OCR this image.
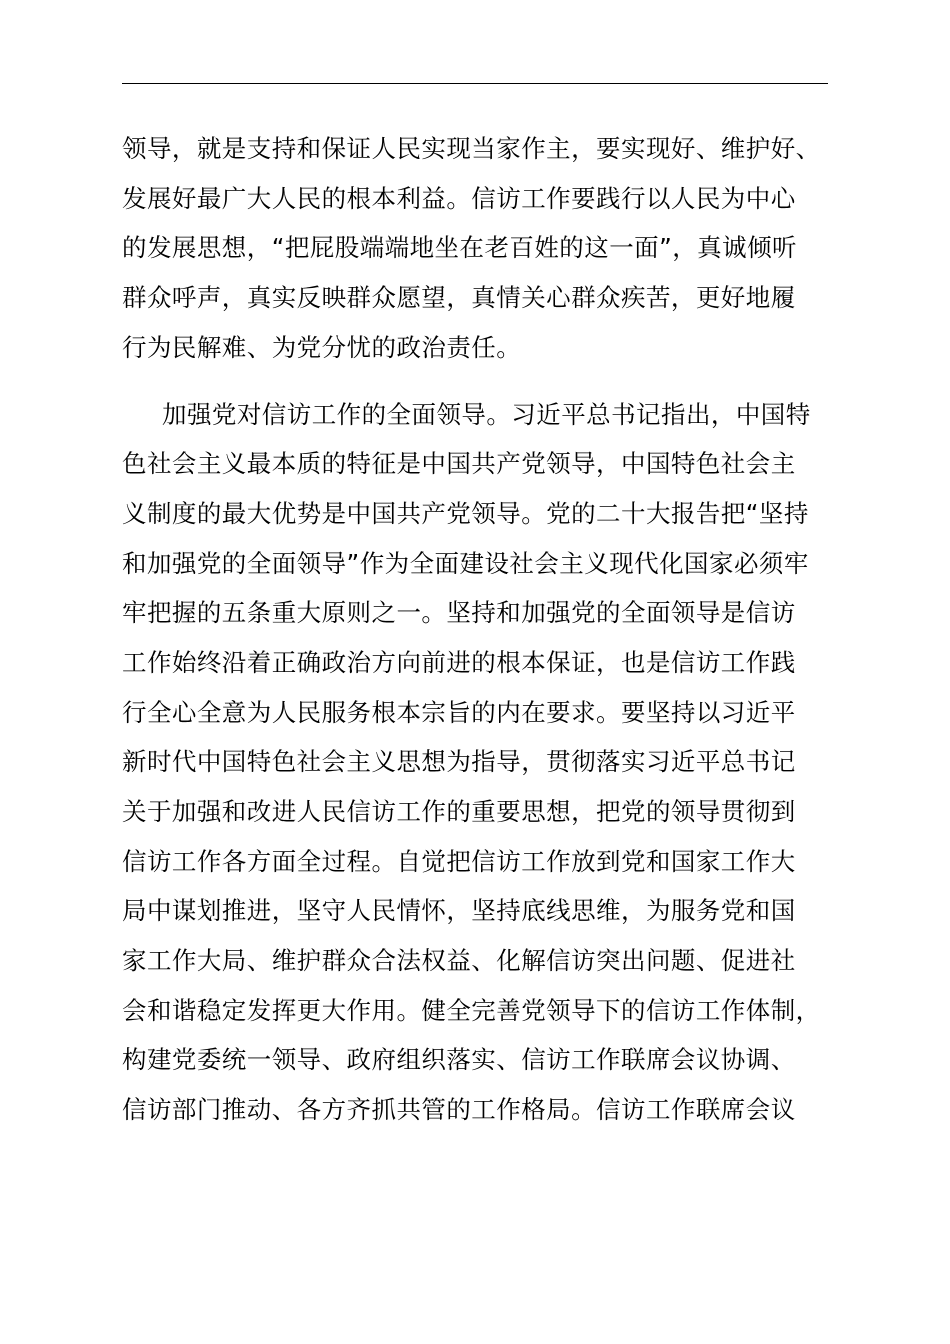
领导，就是支持和保证人民实现当家作主，要实现好、维护好、
发展好最广大人民的根本利益。信访工作要践行以人民为中心
的发展思想，“把屁股端端地坐在老百姓的这一面”，真诚倾听
群众呼声，真实反映群众愿望，真情关心群众疾苦，更好地履
行为民解难、为党分忧的政治责任。
加强党对信访工作的全面领导。习近平总书记指出，中国特
色社会主义最本质的特征是中国共产党领导，中国特色社会主
义制度的最大优势是中国共产党领导。党的二十大报告把“坚持
和加强党的全面领导”作为全面建设社会主义现代化国家必须牢
牢把握的五条重大原则之一。坚持和加强党的全面领导是信访
工作始终沿着正确政治方向前进的根本保证，也是信访工作践
行全心全意为人民服务根本宗旨的内在要求。要坚持以习近平
新时代中国特色社会主义思想为指导，贯彻落实习近平总书记
关于加强和改进人民信访工作的重要思想，把党的领导贯彻到
信访工作各方面全过程。自觉把信访工作放到党和国家工作大
局中谋划推进，坚守人民情怀，坚持底线思维，为服务党和国
家工作大局、维护群众合法权益、化解信访突出问题、促进社
会和谐稳定发挥更大作用。健全完善党领导下的信访工作体制，
构建党委统一领导、政府组织落实、信访工作联席会议协调、
信访部门推动、各方齐抓共管的工作格局。信访工作联席会议
